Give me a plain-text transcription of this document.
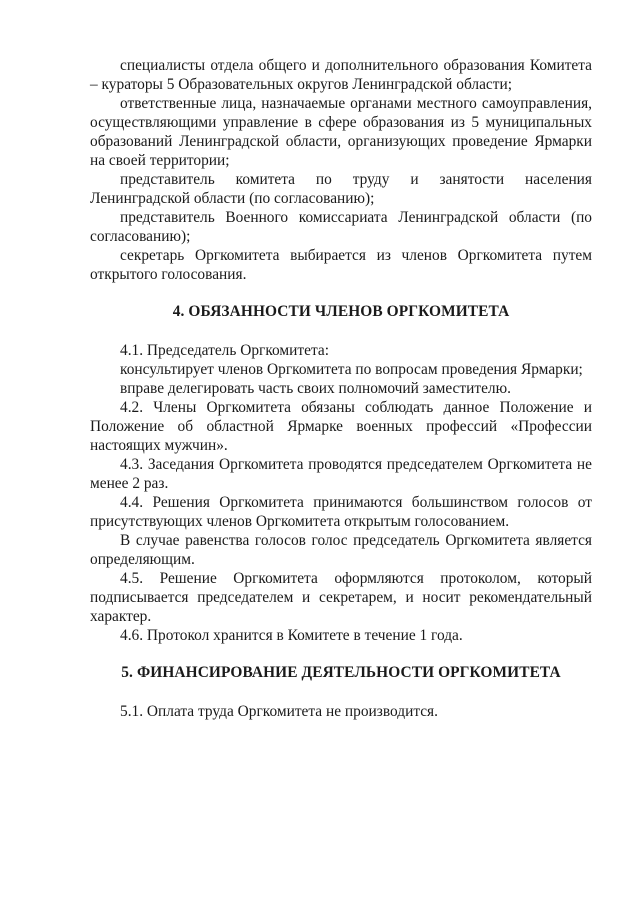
специалисты отдела общего и дополнительного образования Комитета – кураторы 5 Образовательных округов Ленинградской области;

ответственные лица, назначаемые органами местного самоуправления, осуществляющими управление в сфере образования из 5 муниципальных образований Ленинградской области, организующих проведение Ярмарки на своей территории;

представитель комитета по труду и занятости населения Ленинградской области (по согласованию);

представитель Военного комиссариата Ленинградской области (по согласованию);

секретарь Оргкомитета выбирается из членов Оргкомитета путем открытого голосования.

4. ОБЯЗАННОСТИ ЧЛЕНОВ ОРГКОМИТЕТА

4.1. Председатель Оргкомитета:

консультирует членов Оргкомитета по вопросам проведения Ярмарки;

вправе делегировать часть своих полномочий заместителю.

4.2. Члены Оргкомитета обязаны соблюдать данное Положение и Положение об областной Ярмарке военных профессий «Профессии настоящих мужчин».

4.3. Заседания Оргкомитета проводятся председателем Оргкомитета не менее 2 раз.

4.4. Решения Оргкомитета принимаются большинством голосов от присутствующих членов Оргкомитета открытым голосованием.

В случае равенства голосов голос председатель Оргкомитета является определяющим.

4.5. Решение Оргкомитета оформляются протоколом, который подписывается председателем и секретарем, и носит рекомендательный характер.

4.6. Протокол хранится в Комитете в течение 1 года.

5. ФИНАНСИРОВАНИЕ ДЕЯТЕЛЬНОСТИ ОРГКОМИТЕТА

5.1. Оплата труда Оргкомитета не производится.
